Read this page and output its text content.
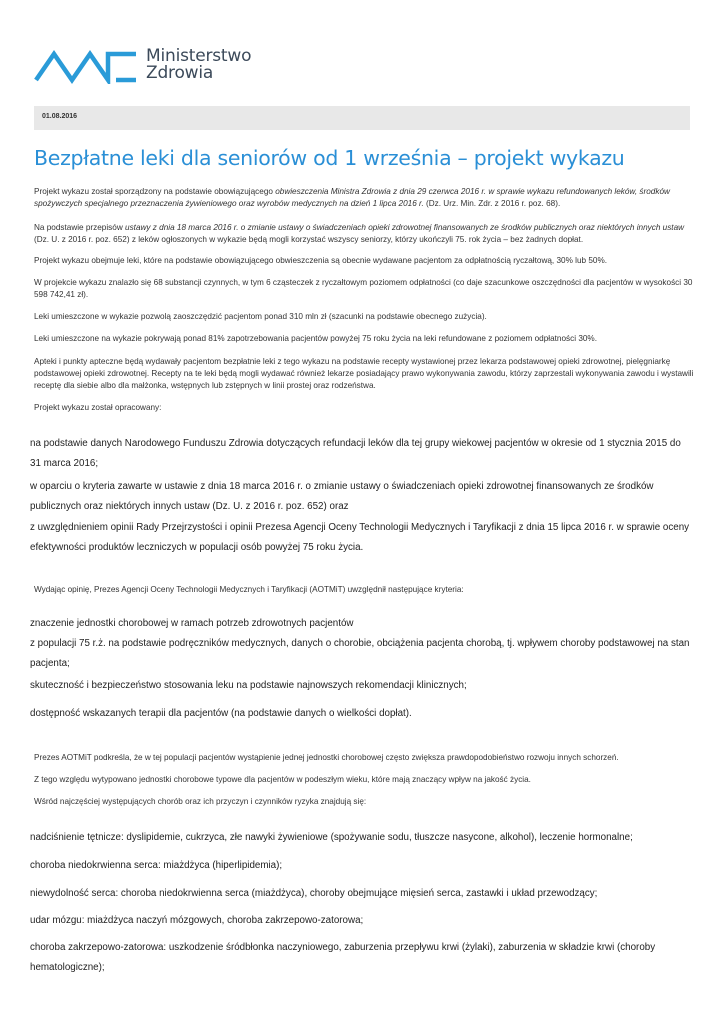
Ministerstwo
Zdrowia
01.08.2016
Bezpłatne leki dla seniorów od 1 września – projekt wykazu

Projekt wykazu został sporządzony na podstawie obowiązującego obwieszczenia Ministra Zdrowia z dnia 29 czerwca 2016 r. w sprawie wykazu refundowanych leków, środków spożywczych specjalnego przeznaczenia żywieniowego oraz wyrobów medycznych na dzień 1 lipca 2016 r. (Dz. Urz. Min. Zdr. z 2016 r. poz. 68).

Na podstawie przepisów ustawy z dnia 18 marca 2016 r. o zmianie ustawy o świadczeniach opieki zdrowotnej finansowanych ze środków publicznych oraz niektórych innych ustaw (Dz. U. z 2016 r. poz. 652) z leków ogłoszonych w wykazie będą mogli korzystać wszyscy seniorzy, którzy ukończyli 75. rok życia – bez żadnych dopłat.

Projekt wykazu obejmuje leki, które na podstawie obowiązującego obwieszczenia są obecnie wydawane pacjentom za odpłatnością ryczałtową, 30% lub 50%.

W projekcie wykazu znalazło się 68 substancji czynnych, w tym 6 cząsteczek z ryczałtowym poziomem odpłatności (co daje szacunkowe oszczędności dla pacjentów w wysokości 30 598 742,41 zł).

Leki umieszczone w wykazie pozwolą zaoszczędzić pacjentom ponad 310 mln zł (szacunki na podstawie obecnego zużycia).

Leki umieszczone na wykazie pokrywają ponad 81% zapotrzebowania pacjentów powyżej 75 roku życia na leki refundowane z poziomem odpłatności 30%.

Apteki i punkty apteczne będą wydawały pacjentom bezpłatnie leki z tego wykazu na podstawie recepty wystawionej przez lekarza podstawowej opieki zdrowotnej, pielęgniarkę podstawowej opieki zdrowotnej. Recepty na te leki będą mogli wydawać również lekarze posiadający prawo wykonywania zawodu, którzy zaprzestali wykonywania zawodu i wystawili receptę dla siebie albo dla małżonka, wstępnych lub zstępnych w linii prostej oraz rodzeństwa.

Projekt wykazu został opracowany:

na podstawie danych Narodowego Funduszu Zdrowia dotyczących refundacji leków dla tej grupy wiekowej pacjentów w okresie od 1 stycznia 2015 do 31 marca 2016;

w oparciu o kryteria zawarte w ustawie z dnia 18 marca 2016 r. o zmianie ustawy o świadczeniach opieki zdrowotnej finansowanych ze środków publicznych oraz niektórych innych ustaw (Dz. U. z 2016 r. poz. 652) oraz

z uwzględnieniem opinii Rady Przejrzystości i opinii Prezesa Agencji Oceny Technologii Medycznych i Taryfikacji z dnia 15 lipca 2016 r. w sprawie oceny efektywności produktów leczniczych w populacji osób powyżej 75 roku życia.

Wydając opinię, Prezes Agencji Oceny Technologii Medycznych i Taryfikacji (AOTMiT) uwzględnił następujące kryteria:

znaczenie jednostki chorobowej w ramach potrzeb zdrowotnych pacjentów

z populacji 75 r.ż. na podstawie podręczników medycznych, danych o chorobie, obciążenia pacjenta chorobą, tj. wpływem choroby podstawowej na stan pacjenta;

skuteczność i bezpieczeństwo stosowania leku na podstawie najnowszych rekomendacji klinicznych;

dostępność wskazanych terapii dla pacjentów (na podstawie danych o wielkości dopłat).

Prezes AOTMiT podkreśla, że w tej populacji pacjentów wystąpienie jednej jednostki chorobowej często zwiększa prawdopodobieństwo rozwoju innych schorzeń.

Z tego względu wytypowano jednostki chorobowe typowe dla pacjentów w podeszłym wieku, które mają znaczący wpływ na jakość życia.

Wśród najczęściej występujących chorób oraz ich przyczyn i czynników ryzyka znajdują się:

nadciśnienie tętnicze: dyslipidemie, cukrzyca, złe nawyki żywieniowe (spożywanie sodu, tłuszcze nasycone, alkohol), leczenie hormonalne;

choroba niedokrwienna serca: miażdżyca (hiperlipidemia);

niewydolność serca: choroba niedokrwienna serca (miażdżyca), choroby obejmujące mięsień serca, zastawki i układ przewodzący;

udar mózgu: miażdżyca naczyń mózgowych, choroba zakrzepowo-zatorowa;

choroba zakrzepowo-zatorowa: uszkodzenie śródbłonka naczyniowego, zaburzenia przepływu krwi (żylaki), zaburzenia w składzie krwi (choroby hematologiczne);
